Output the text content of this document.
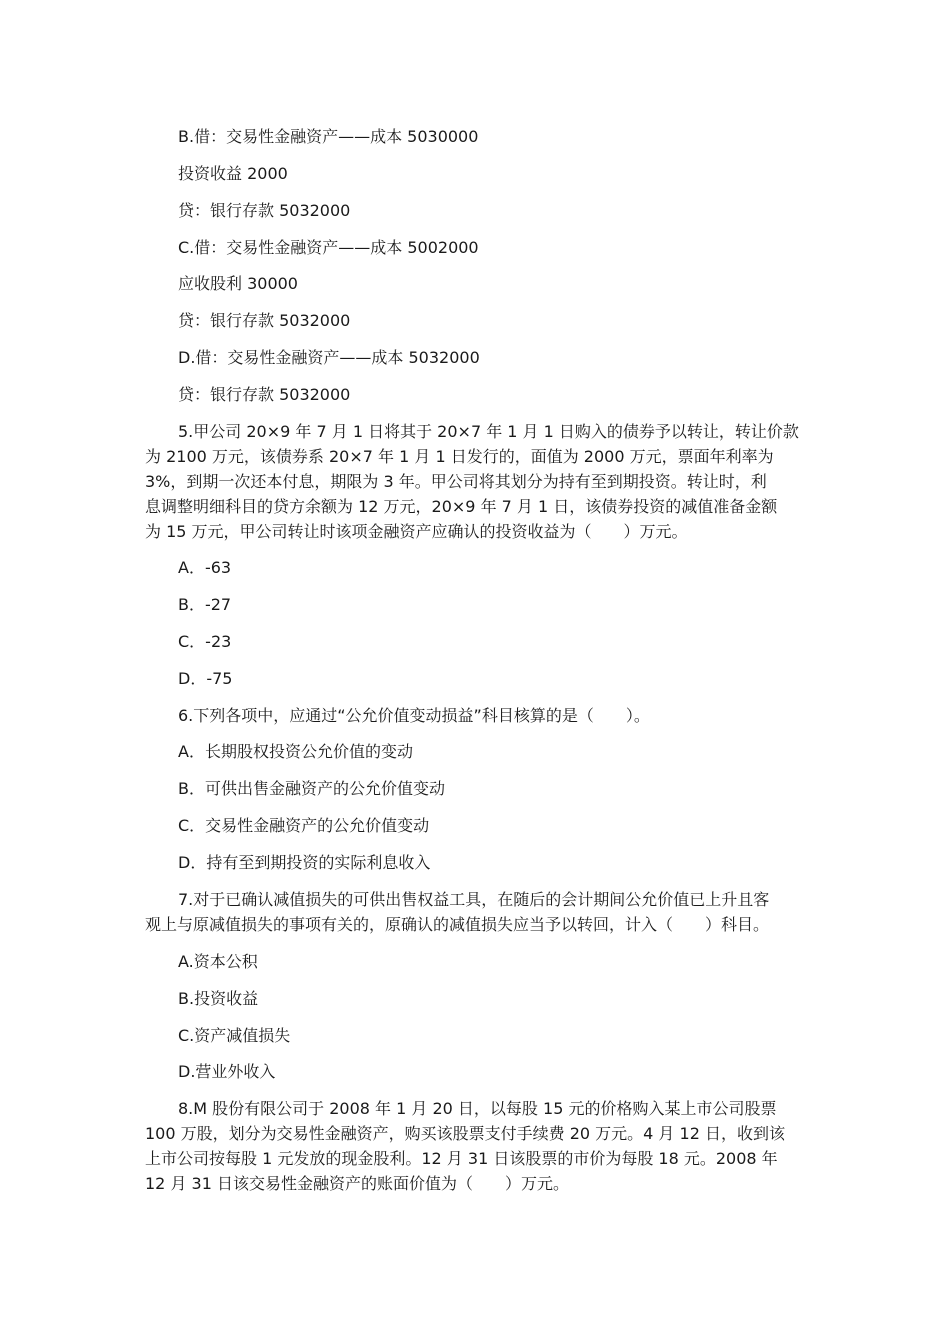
B.借：交易性金融资产——成本 5030000
投资收益 2000
贷：银行存款 5032000
C.借：交易性金融资产——成本 5002000
应收股利 30000
贷：银行存款 5032000
D.借：交易性金融资产——成本 5032000
贷：银行存款 5032000
5.甲公司 20×9 年 7 月 1 日将其于 20×7 年 1 月 1 日购入的债券予以转让，转让价款
为 2100 万元，该债券系 20×7 年 1 月 1 日发行的，面值为 2000 万元，票面年利率为
3%，到期一次还本付息，期限为 3 年。甲公司将其划分为持有至到期投资。转让时，利
息调整明细科目的贷方余额为 12 万元，20×9 年 7 月 1 日，该债券投资的减值准备金额
为 15 万元，甲公司转让时该项金融资产应确认的投资收益为（　　）万元。
A．-63
B．-27
C．-23
D．-75
6.下列各项中，应通过“公允价值变动损益”科目核算的是（　　）。
A．长期股权投资公允价值的变动
B．可供出售金融资产的公允价值变动
C．交易性金融资产的公允价值变动
D．持有至到期投资的实际利息收入
7.对于已确认减值损失的可供出售权益工具，在随后的会计期间公允价值已上升且客
观上与原减值损失的事项有关的，原确认的减值损失应当予以转回，计入（　　）科目。
A.资本公积
B.投资收益
C.资产减值损失
D.营业外收入
8.M 股份有限公司于 2008 年 1 月 20 日，以每股 15 元的价格购入某上市公司股票
100 万股，划分为交易性金融资产，购买该股票支付手续费 20 万元。4 月 12 日，收到该
上市公司按每股 1 元发放的现金股利。12 月 31 日该股票的市价为每股 18 元。2008 年
12 月 31 日该交易性金融资产的账面价值为（　　）万元。
